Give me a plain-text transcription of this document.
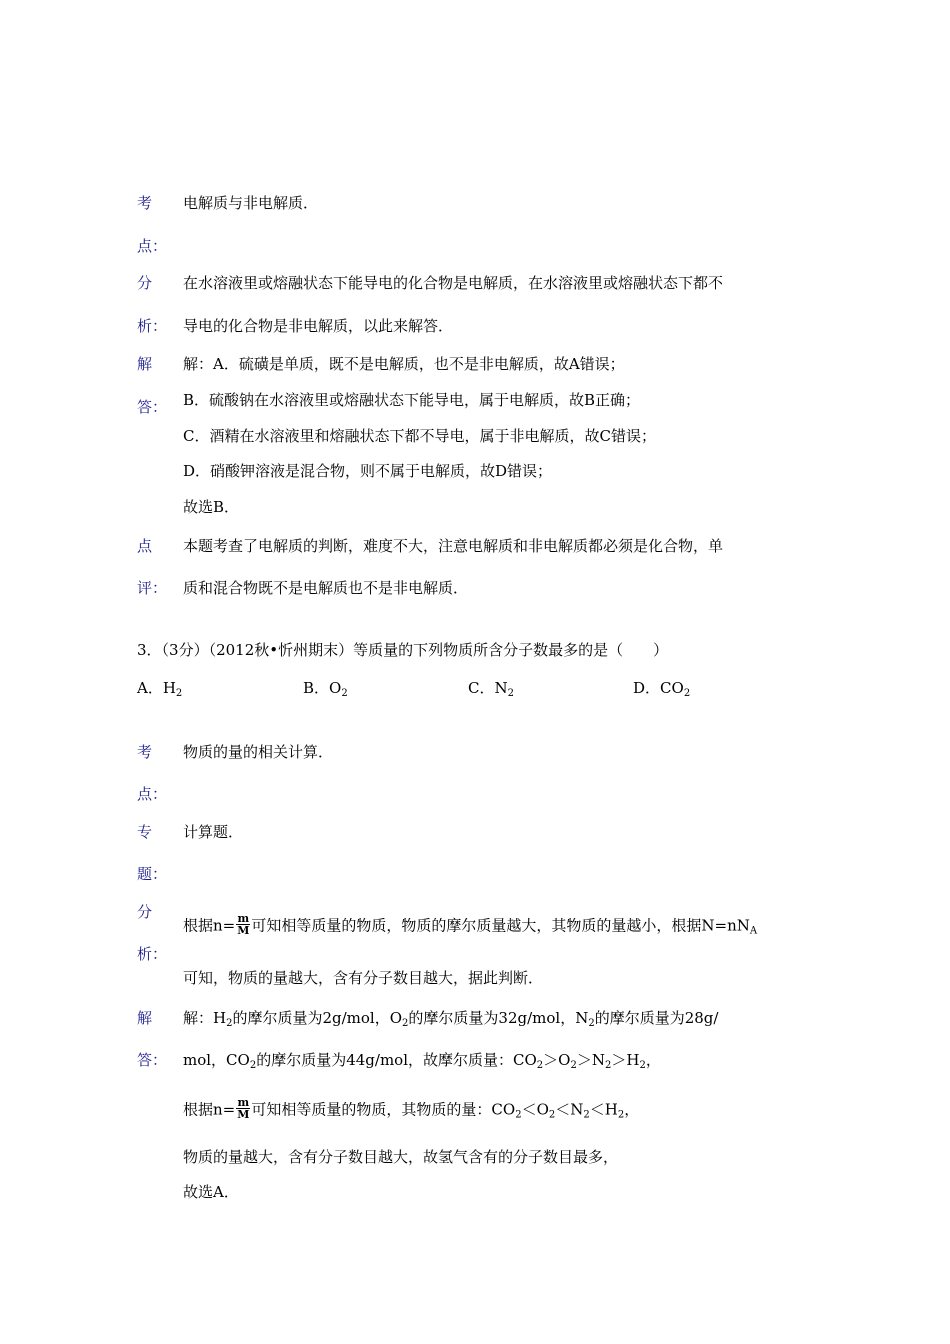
考
点：
电解质与非电解质．
分
析：
在水溶液里或熔融状态下能导电的化合物是电解质，在水溶液里或熔融状态下都不
导电的化合物是非电解质，以此来解答．
解
答：
解：A．硫磺是单质，既不是电解质，也不是非电解质，故A错误；
B．硫酸钠在水溶液里或熔融状态下能导电，属于电解质，故B正确；
C．酒精在水溶液里和熔融状态下都不导电，属于非电解质，故C错误；
D．硝酸钾溶液是混合物，则不属于电解质，故D错误；
故选B．
点
评：
本题考查了电解质的判断，难度不大，注意电解质和非电解质都必须是化合物，单
质和混合物既不是电解质也不是非电解质．
3．（3分）（2012秋•忻州期末）等质量的下列物质所含分子数最多的是（　　）
A．$H_2$	B．$O_2$	C．$N_2$	D．$CO_2$
考
点：
物质的量的相关计算．
专
题：
计算题．
分
析：
根据$n= \frac{m}{M}$ 可知相等质量的物质，物质的摩尔质量越大，其物质的量越小，根据$N=nN_A$
可知，物质的量越大，含有分子数目越大，据此判断．
解
答：
解：$H_2$的摩尔质量为2g/mol，$O_2$的摩尔质量为32g/mol，$N_2$的摩尔质量为28g/
mol，$CO_2$的摩尔质量为44g/mol，故摩尔质量：$CO_2>O_2>N_2>H_2$，
根据$n= \frac{m}{M}$ 可知相等质量的物质，其物质的量：$CO_2<O_2<N_2<H_2$，
物质的量越大，含有分子数目越大，故氢气含有的分子数目最多，
故选A．
